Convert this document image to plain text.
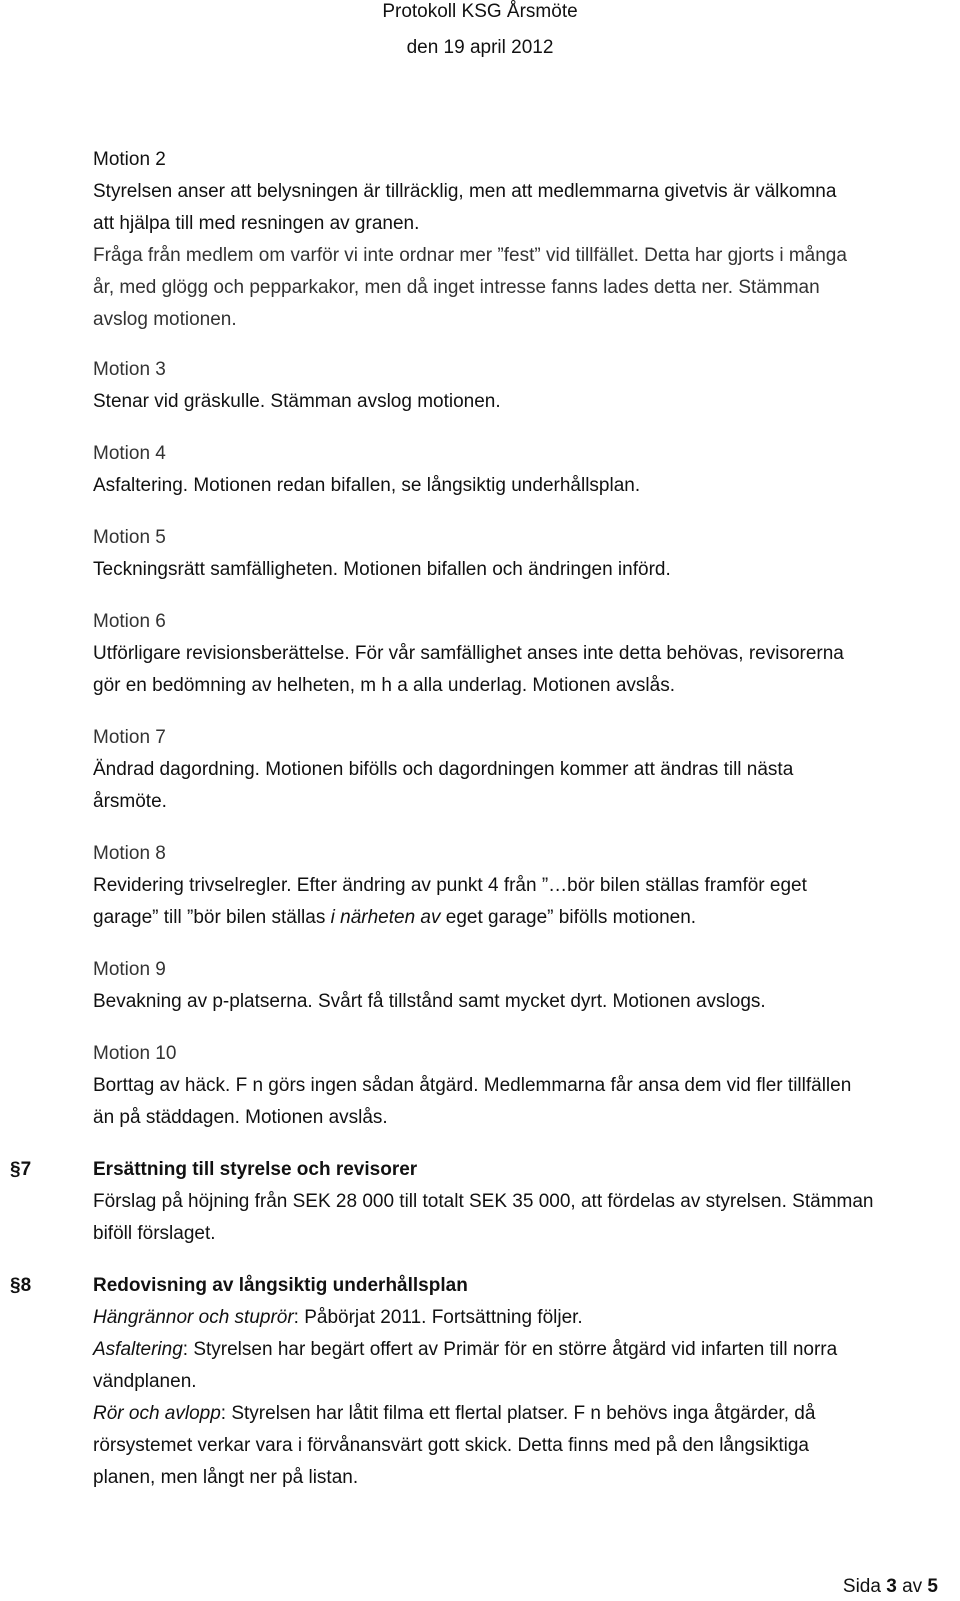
Protokoll KSG Årsmöte
den 19 april 2012
Motion 2
Styrelsen anser att belysningen är tillräcklig, men att medlemmarna givetvis är välkomna
att hjälpa till med resningen av granen.
Fråga från medlem om varför vi inte ordnar mer ”fest” vid tillfället. Detta har gjorts i många
år, med glögg och pepparkakor, men då inget intresse fanns lades detta ner. Stämman
avslog motionen.
Motion 3
Stenar vid gräskulle. Stämman avslog motionen.
Motion 4
Asfaltering. Motionen redan bifallen, se långsiktig underhållsplan.
Motion 5
Teckningsrätt samfälligheten. Motionen bifallen och ändringen införd.
Motion 6
Utförligare revisionsberättelse. För vår samfällighet anses inte detta behövas, revisorerna
gör en bedömning av helheten, m h a alla underlag. Motionen avslås.
Motion 7
Ändrad dagordning. Motionen bifölls och dagordningen kommer att ändras till nästa
årsmöte.
Motion 8
Revidering trivselregler. Efter ändring av punkt 4 från ”…bör bilen ställas framför eget
garage” till ”bör bilen ställas i närheten av eget garage” bifölls motionen.
Motion 9
Bevakning av p-platserna. Svårt få tillstånd samt mycket dyrt. Motionen avslogs.
Motion 10
Borttag av häck. F n görs ingen sådan åtgärd. Medlemmarna får ansa dem vid fler tillfällen
än på städdagen. Motionen avslås.
§7	Ersättning till styrelse och revisorer
Förslag på höjning från SEK 28 000 till totalt SEK 35 000, att fördelas av styrelsen. Stämman
biföll förslaget.
§8	Redovisning av långsiktig underhållsplan
Hängrännor och stuprör: Påbörjat 2011. Fortsättning följer.
Asfaltering: Styrelsen har begärt offert av Primär för en större åtgärd vid infarten till norra
vändplanen.
Rör och avlopp: Styrelsen har låtit filma ett flertal platser. F n behövs inga åtgärder, då
rörsystemet verkar vara i förvånansvärt gott skick. Detta finns med på den långsiktiga
planen, men långt ner på listan.
Sida 3 av 5
